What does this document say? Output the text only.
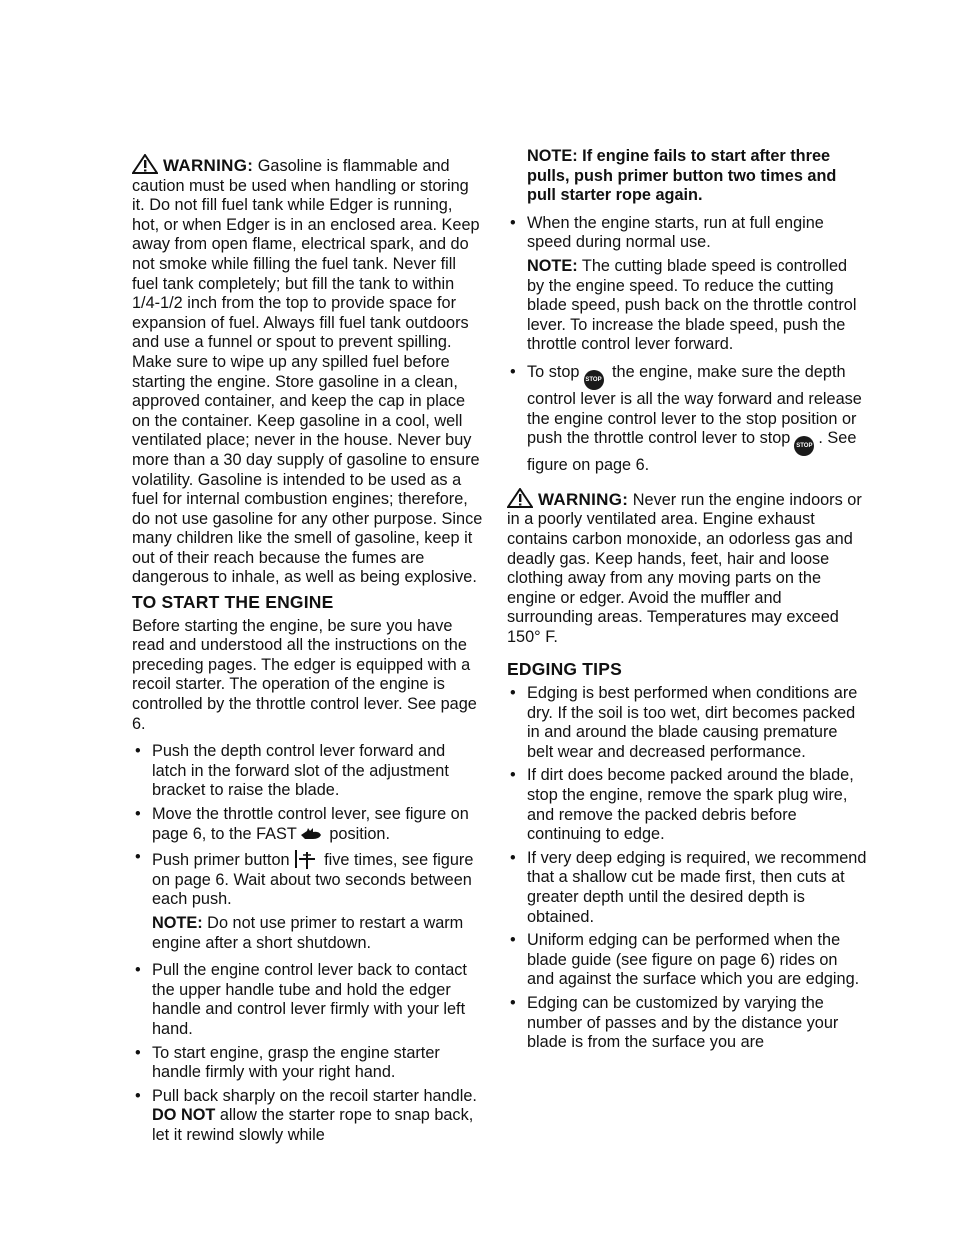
WARNING: Gasoline is flammable and caution must be used when handling or storing it. Do not fill fuel tank while Edger is running, hot, or when Edger is in an enclosed area. Keep away from open flame, electrical spark, and do not smoke while filling the fuel tank. Never fill fuel tank completely; but fill the tank to within 1/4-1/2 inch from the top to provide space for expansion of fuel. Always fill fuel tank outdoors and use a funnel or spout to prevent spilling. Make sure to wipe up any spilled fuel before starting the engine. Store gasoline in a clean, approved container, and keep the cap in place on the container. Keep gasoline in a cool, well ventilated place; never in the house. Never buy more than a 30 day supply of gasoline to ensure volatility. Gasoline is intended to be used as a fuel for internal combustion engines; therefore, do not use gasoline for any other purpose. Since many children like the smell of gasoline, keep it out of their reach because the fumes are dangerous to inhale, as well as being explosive.

TO START THE ENGINE

Before starting the engine, be sure you have read and understood all the instructions on the preceding pages. The edger is equipped with a recoil starter. The operation of the engine is controlled by the throttle control lever. See page 6.

• Push the depth control lever forward and latch in the forward slot of the adjustment bracket to raise the blade.
• Move the throttle control lever, see figure on page 6, to the FAST position.
• Push primer button five times, see figure on page 6. Wait about two seconds between each push.

NOTE: Do not use primer to restart a warm engine after a short shutdown.

• Pull the engine control lever back to contact the upper handle tube and hold the edger handle and control lever firmly with your left hand.
• To start engine, grasp the engine starter handle firmly with your right hand.
• Pull back sharply on the recoil starter handle. DO NOT allow the starter rope to snap back, let it rewind slowly while

NOTE: If engine fails to start after three pulls, push primer button two times and pull starter rope again.

• When the engine starts, run at full engine speed during normal use.

NOTE: The cutting blade speed is controlled by the engine speed. To reduce the cutting blade speed, push back on the throttle control lever. To increase the blade speed, push the throttle control lever forward.

• To stop STOP the engine, make sure the depth control lever is all the way forward and release the engine control lever to the stop position or push the throttle control lever to stop STOP . See figure on page 6.

WARNING: Never run the engine indoors or in a poorly ventilated area. Engine exhaust contains carbon monoxide, an odorless gas and deadly gas. Keep hands, feet, hair and loose clothing away from any moving parts on the engine or edger. Avoid the muffler and surrounding areas. Temperatures may exceed 150° F.

EDGING TIPS
• Edging is best performed when conditions are dry. If the soil is too wet, dirt becomes packed in and around the blade causing premature belt wear and decreased performance.
• If dirt does become packed around the blade, stop the engine, remove the spark plug wire, and remove the packed debris before continuing to edge.
• If very deep edging is required, we recommend that a shallow cut be made first, then cuts at greater depth until the desired depth is obtained.
• Uniform edging can be performed when the blade guide (see figure on page 6) rides on and against the surface which you are edging.
• Edging can be customized by varying the number of passes and by the distance your blade is from the surface you are
